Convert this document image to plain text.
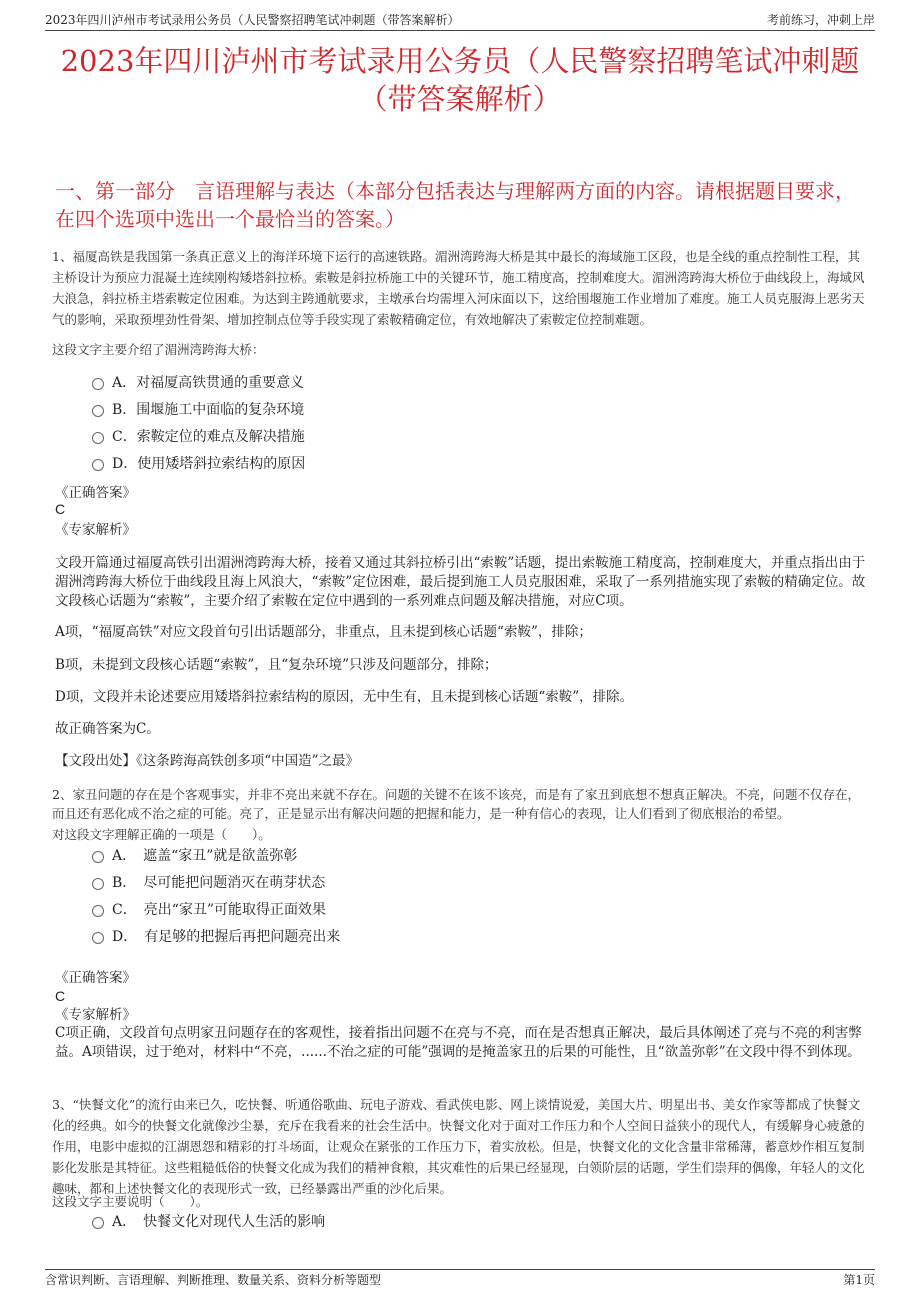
2023年四川泸州市考试录用公务员（人民警察招聘笔试冲刺题（带答案解析）	考前练习，冲刺上岸
2023年四川泸州市考试录用公务员（人民警察招聘笔试冲刺题（带答案解析）
一、第一部分　言语理解与表达（本部分包括表达与理解两方面的内容。请根据题目要求，在四个选项中选出一个最恰当的答案。）

1、福厦高铁是我国第一条真正意义上的海洋环境下运行的高速铁路。湄洲湾跨海大桥是其中最长的海域施工区段，也是全线的重点控制性工程，其主桥设计为预应力混凝土连续刚构矮塔斜拉桥。索鞍是斜拉桥施工中的关键环节，施工精度高，控制难度大。湄洲湾跨海大桥位于曲线段上，海域风大浪急，斜拉桥主塔索鞍定位困难。为达到主跨通航要求，主墩承台均需埋入河床面以下，这给围堰施工作业增加了难度。施工人员克服海上恶劣天气的影响，采取预埋劲性骨架、增加控制点位等手段实现了索鞍精确定位，有效地解决了索鞍定位控制难题。

这段文字主要介绍了湄洲湾跨海大桥：

A．对福厦高铁贯通的重要意义
B．围堰施工中面临的复杂环境
C．索鞍定位的难点及解决措施
D．使用矮塔斜拉索结构的原因
《正确答案》
C
《专家解析》

文段开篇通过福厦高铁引出湄洲湾跨海大桥，接着又通过其斜拉桥引出“索鞍”话题，提出索鞍施工精度高，控制难度大，并重点指出由于湄洲湾跨海大桥位于曲线段且海上风浪大，“索鞍”定位困难，最后提到施工人员克服困难，采取了一系列措施实现了索鞍的精确定位。故文段核心话题为“索鞍”，主要介绍了索鞍在定位中遇到的一系列难点问题及解决措施，对应C项。

A项，“福厦高铁”对应文段首句引出话题部分，非重点，且未提到核心话题“索鞍”，排除；

B项，未提到文段核心话题“索鞍”，且“复杂环境”只涉及问题部分，排除；

D项，文段并未论述要应用矮塔斜拉索结构的原因，无中生有，且未提到核心话题“索鞍”，排除。

故正确答案为C。

【文段出处】《这条跨海高铁创多项“中国造”之最》

2、家丑问题的存在是个客观事实，并非不亮出来就不存在。问题的关键不在该不该亮，而是有了家丑到底想不想真正解决。不亮，问题不仅存在，而且还有恶化成不治之症的可能。亮了，正是显示出有解决问题的把握和能力，是一种有信心的表现，让人们看到了彻底根治的希望。

对这段文字理解正确的一项是（　　）。

A．　遮盖“家丑”就是欲盖弥彰
B．　尽可能把问题消灭在萌芽状态
C．　亮出“家丑”可能取得正面效果
D．　有足够的把握后再把问题亮出来
《正确答案》
C
《专家解析》

C项正确，文段首句点明家丑问题存在的客观性，接着指出问题不在亮与不亮，而在是否想真正解决，最后具体阐述了亮与不亮的利害弊益。A项错误，过于绝对，材料中“不亮，......不治之症的可能”强调的是掩盖家丑的后果的可能性，且“欲盖弥彰”在文段中得不到体现。

3、“快餐文化”的流行由来已久，吃快餐、听通俗歌曲、玩电子游戏、看武侠电影、网上谈情说爱，美国大片、明星出书、美女作家等都成了快餐文化的经典。如今的快餐文化就像沙尘暴，充斥在我看来的社会生活中。快餐文化对于面对工作压力和个人空间日益狭小的现代人，有缓解身心疲惫的作用，电影中虚拟的江湖恩怨和精彩的打斗场面，让观众在紧张的工作压力下，着实放松。但是，快餐文化的文化含量非常稀薄，蓄意炒作相互复制影化发胀是其特征。这些粗糙低俗的快餐文化成为我们的精神食粮，其灾难性的后果已经显现，白领阶层的话题，学生们崇拜的偶像，年轻人的文化趣味，都和上述快餐文化的表现形式一致，已经暴露出严重的沙化后果。

这段文字主要说明（　　）。

A．　快餐文化对现代人生活的影响
含常识判断、言语理解、判断推理、数量关系、资料分析等题型	第1页
